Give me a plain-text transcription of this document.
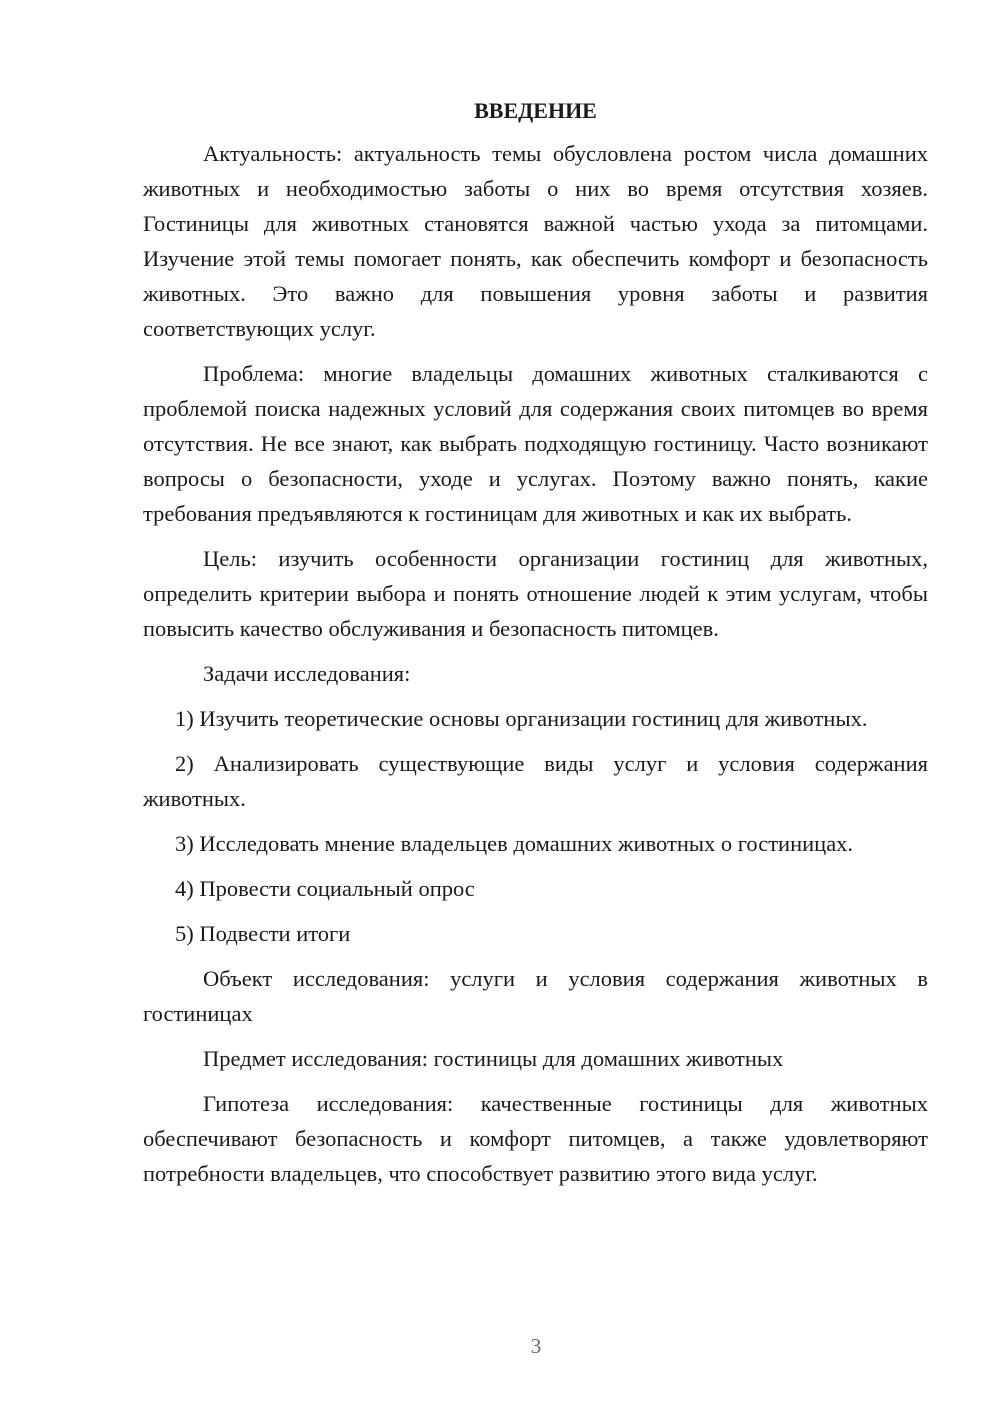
ВВЕДЕНИЕ

Актуальность: актуальность темы обусловлена ростом числа домашних животных и необходимостью заботы о них во время отсутствия хозяев. Гостиницы для животных становятся важной частью ухода за питомцами. Изучение этой темы помогает понять, как обеспечить комфорт и безопасность животных. Это важно для повышения уровня заботы и развития соответствующих услуг.

Проблема: многие владельцы домашних животных сталкиваются с проблемой поиска надежных условий для содержания своих питомцев во время отсутствия. Не все знают, как выбрать подходящую гостиницу. Часто возникают вопросы о безопасности, уходе и услугах. Поэтому важно понять, какие требования предъявляются к гостиницам для животных и как их выбрать.

Цель: изучить особенности организации гостиниц для животных, определить критерии выбора и понять отношение людей к этим услугам, чтобы повысить качество обслуживания и безопасность питомцев.

Задачи исследования:

1) Изучить теоретические основы организации гостиниц для животных.

2) Анализировать существующие виды услуг и условия содержания животных.

3) Исследовать мнение владельцев домашних животных о гостиницах.

4) Провести социальный опрос

5) Подвести итоги

Объект исследования: услуги и условия содержания животных в гостиницах

Предмет исследования: гостиницы для домашних животных

Гипотеза исследования: качественные гостиницы для животных обеспечивают безопасность и комфорт питомцев, а также удовлетворяют потребности владельцев, что способствует развитию этого вида услуг.

3
